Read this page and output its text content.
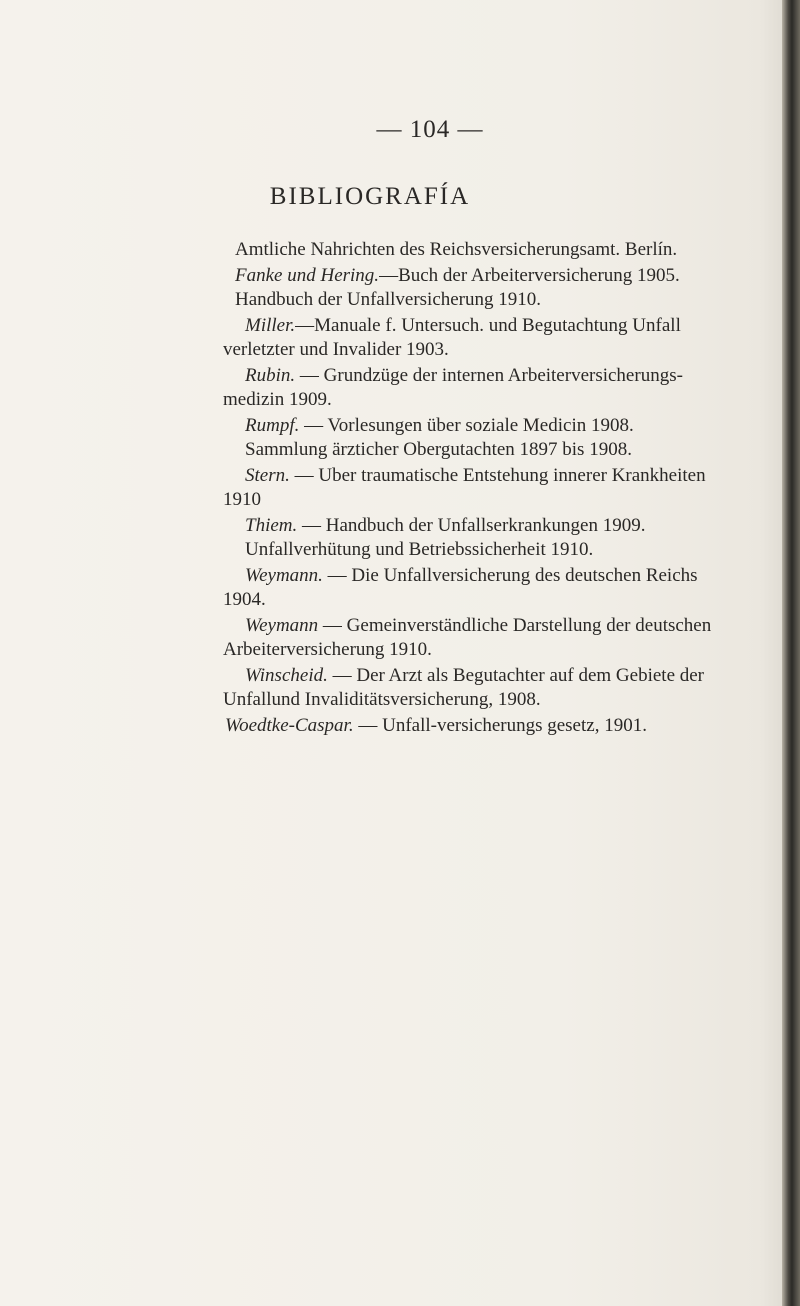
— 104 —
BIBLIOGRAFÍA
Amtliche Nahrichten des Reichsversicherungsamt. Berlín.
Fanke und Hering.—Buch der Arbeiterversicherung 1905.
Handbuch der Unfallversicherung 1910.
Miller.—Manuale f. Untersuch. und Begutachtung Unfall
verletzter und Invalider 1903.
Rubin. — Grundzüge der internen Arbeiterversicherungs-
medizin 1909.
Rumpf. — Vorlesungen über soziale Medicin 1908.
Sammlung ärzticher Obergutachten 1897 bis 1908.
Stern. — Uber traumatische Entstehung innerer Krankheiten
1910
Thiem. — Handbuch der Unfallserkrankungen 1909.
Unfallverhütung und Betriebssicherheit 1910.
Weymann. — Die Unfallversicherung des deutschen Reichs
1904.
Weymann — Gemeinverständliche Darstellung der deutschen
Arbeiterversicherung 1910.
Winscheid. — Der Arzt als Begutachter auf dem Gebiete der
Unfallund Invaliditätsversicherung, 1908.
Woedtke-Caspar. — Unfall-versicherungs gesetz, 1901.
